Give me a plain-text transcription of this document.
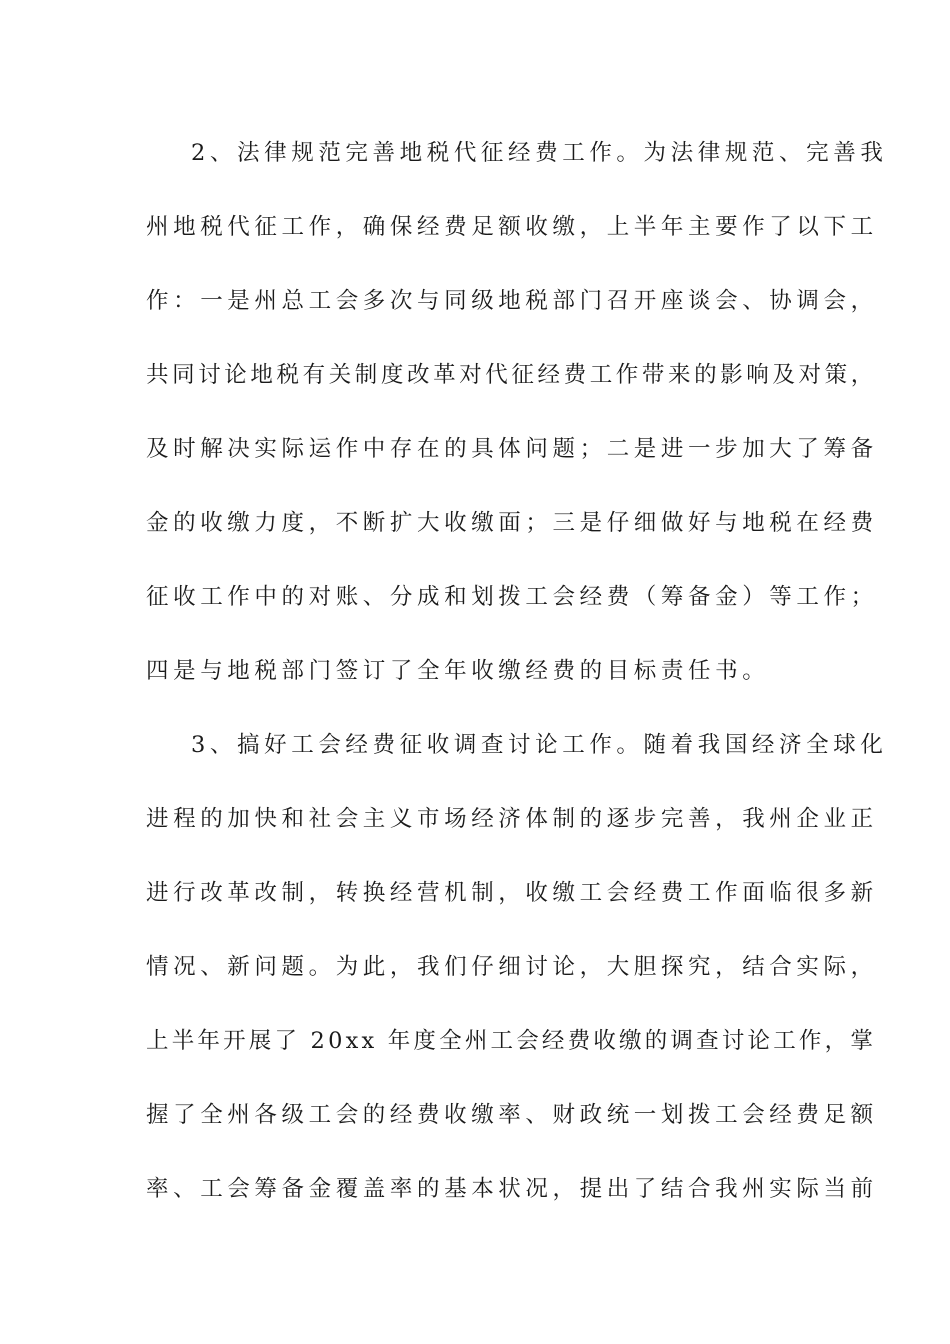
2、法律规范完善地税代征经费工作。为法律规范、完善我
州地税代征工作，确保经费足额收缴，上半年主要作了以下工
作：一是州总工会多次与同级地税部门召开座谈会、协调会，
共同讨论地税有关制度改革对代征经费工作带来的影响及对策，
及时解决实际运作中存在的具体问题；二是进一步加大了筹备
金的收缴力度，不断扩大收缴面；三是仔细做好与地税在经费
征收工作中的对账、分成和划拨工会经费（筹备金）等工作；
四是与地税部门签订了全年收缴经费的目标责任书。
3、搞好工会经费征收调查讨论工作。随着我国经济全球化
进程的加快和社会主义市场经济体制的逐步完善，我州企业正
进行改革改制，转换经营机制，收缴工会经费工作面临很多新
情况、新问题。为此，我们仔细讨论，大胆探究，结合实际，
上半年开展了 20xx 年度全州工会经费收缴的调查讨论工作，掌
握了全州各级工会的经费收缴率、财政统一划拨工会经费足额
率、工会筹备金覆盖率的基本状况，提出了结合我州实际当前
